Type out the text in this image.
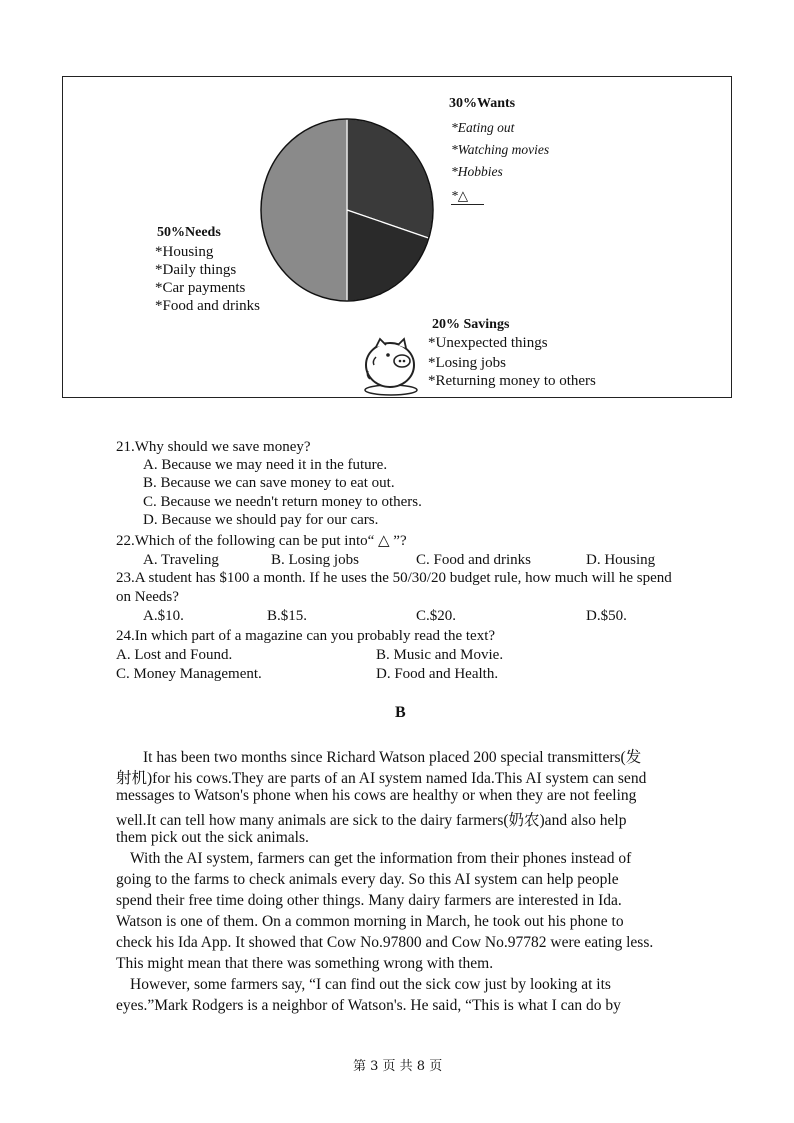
30%Wants
*Eating out
*Watching movies
*Hobbies
*△
50%Needs
*Housing
*Daily things
*Car payments
*Food and drinks
20% Savings
*Unexpected things
*Losing jobs
*Returning money to others
21.Why should we save money?
A. Because we may need it in the future.
B. Because we can save money to eat out.
C. Because we needn't return money to others.
D. Because we should pay for our cars.
22.Which of the following can be put into“ △ ”?
A. Traveling	B. Losing jobs	C. Food and drinks	D. Housing
23.A student has $100 a month. If he uses the 50/30/20 budget rule, how much will he spend
on Needs?
A.$10.	B.$15.	C.$20.	D.$50.
24.In which part of a magazine can you probably read the text?
A. Lost and Found.	B. Music and Movie.
C. Money Management.	D. Food and Health.
B
It has been two months since Richard Watson placed 200 special transmitters(发
射机)for his cows.They are parts of an AI system named Ida.This AI system can send
messages to Watson's phone when his cows are healthy or when they are not feeling
well.It can tell how many animals are sick to the dairy farmers(奶农)and also help
them pick out the sick animals.
With the AI system, farmers can get the information from their phones instead of
going to the farms to check animals every day. So this AI system can help people
spend their free time doing other things. Many dairy farmers are interested in Ida.
Watson is one of them. On a common morning in March, he took out his phone to
check his Ida App. It showed that Cow No.97800 and Cow No.97782 were eating less.
This might mean that there was something wrong with them.
However, some farmers say, “I can find out the sick cow just by looking at its
eyes.”Mark Rodgers is a neighbor of Watson's. He said, “This is what I can do by
第 3 页 共 8 页
